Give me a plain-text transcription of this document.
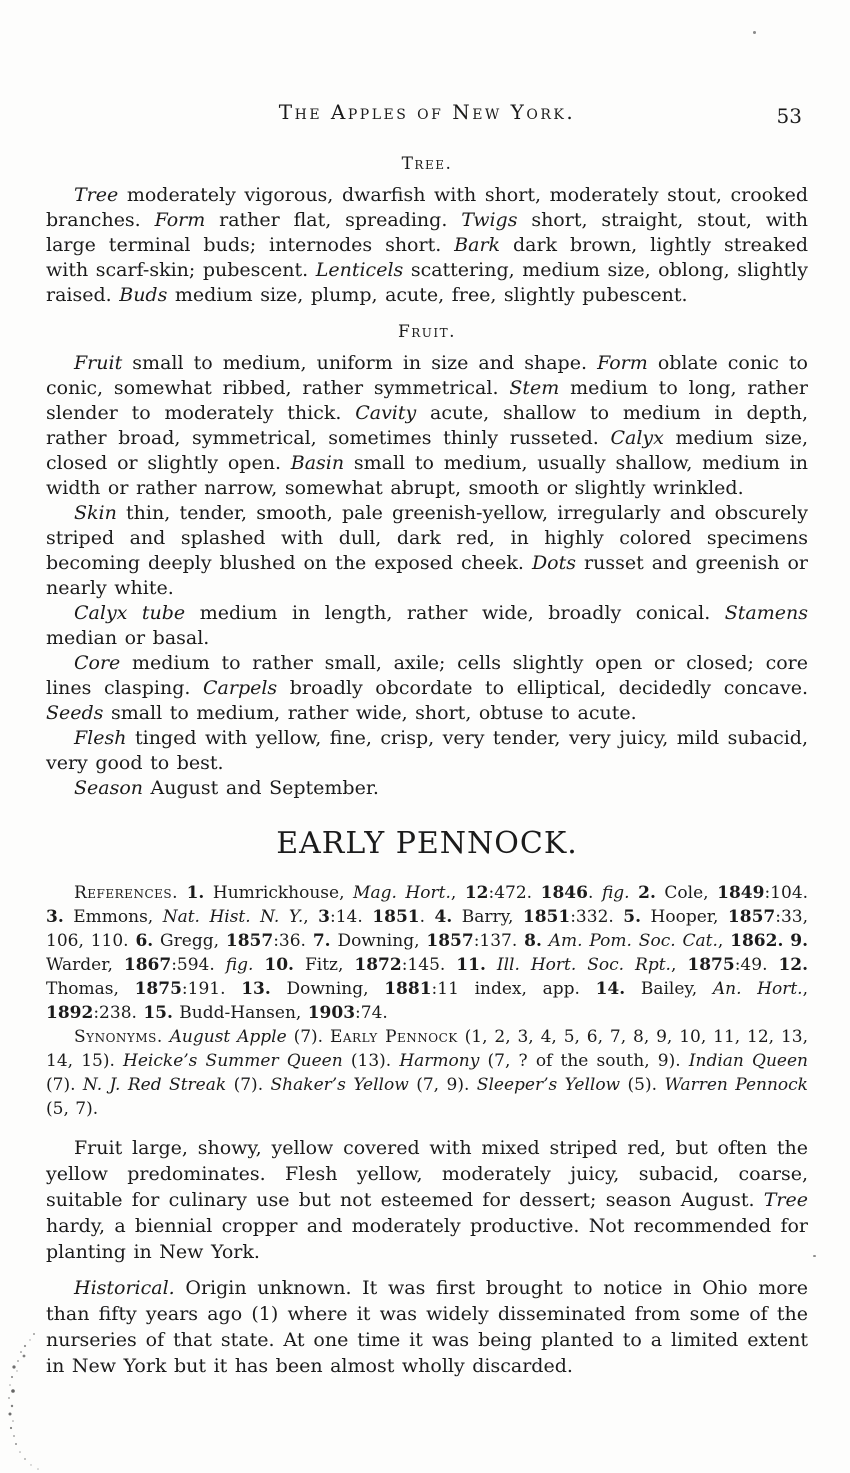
The Apples of New York.	53
Tree.

Tree moderately vigorous, dwarfish with short, moderately stout, crooked branches. Form rather flat, spreading. Twigs short, straight, stout, with large terminal buds; internodes short. Bark dark brown, lightly streaked with scarf-skin; pubescent. Lenticels scattering, medium size, oblong, slightly raised. Buds medium size, plump, acute, free, slightly pubescent.

Fruit.

Fruit small to medium, uniform in size and shape. Form oblate conic to conic, somewhat ribbed, rather symmetrical. Stem medium to long, rather slender to moderately thick. Cavity acute, shallow to medium in depth, rather broad, symmetrical, sometimes thinly russeted. Calyx medium size, closed or slightly open. Basin small to medium, usually shallow, medium in width or rather narrow, somewhat abrupt, smooth or slightly wrinkled.

Skin thin, tender, smooth, pale greenish-yellow, irregularly and obscurely striped and splashed with dull, dark red, in highly colored specimens becoming deeply blushed on the exposed cheek. Dots russet and greenish or nearly white.

Calyx tube medium in length, rather wide, broadly conical. Stamens median or basal.

Core medium to rather small, axile; cells slightly open or closed; core lines clasping. Carpels broadly obcordate to elliptical, decidedly concave. Seeds small to medium, rather wide, short, obtuse to acute.

Flesh tinged with yellow, fine, crisp, very tender, very juicy, mild subacid, very good to best.

Season August and September.

EARLY PENNOCK.

References. 1. Humrickhouse, Mag. Hort., 12:472. 1846. fig. 2. Cole, 1849:104. 3. Emmons, Nat. Hist. N. Y., 3:14. 1851. 4. Barry, 1851:332. 5. Hooper, 1857:33, 106, 110. 6. Gregg, 1857:36. 7. Downing, 1857:137. 8. Am. Pom. Soc. Cat., 1862. 9. Warder, 1867:594. fig. 10. Fitz, 1872:145. 11. Ill. Hort. Soc. Rpt., 1875:49. 12. Thomas, 1875:191. 13. Downing, 1881:11 index, app. 14. Bailey, An. Hort., 1892:238. 15. Budd-Hansen, 1903:74.

Synonyms. August Apple (7). Early Pennock (1, 2, 3, 4, 5, 6, 7, 8, 9, 10, 11, 12, 13, 14, 15). Heicke’s Summer Queen (13). Harmony (7, ? of the south, 9). Indian Queen (7). N. J. Red Streak (7). Shaker’s Yellow (7, 9). Sleeper’s Yellow (5). Warren Pennock (5, 7).

Fruit large, showy, yellow covered with mixed striped red, but often the yellow predominates. Flesh yellow, moderately juicy, subacid, coarse, suitable for culinary use but not esteemed for dessert; season August. Tree hardy, a biennial cropper and moderately productive. Not recommended for planting in New York.

Historical. Origin unknown. It was first brought to notice in Ohio more than fifty years ago (1) where it was widely disseminated from some of the nurseries of that state. At one time it was being planted to a limited extent in New York but it has been almost wholly discarded.
